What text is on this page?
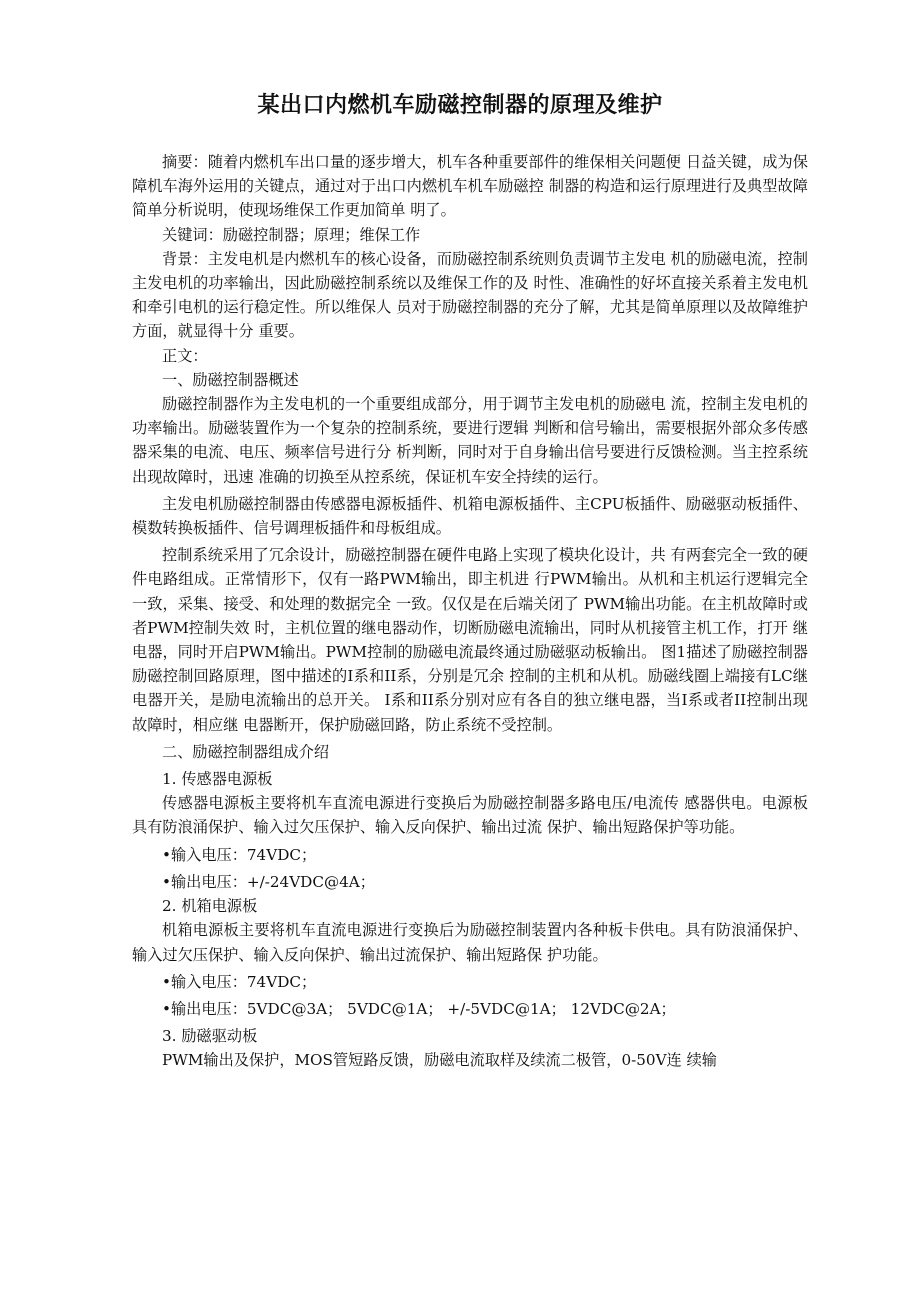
某出口内燃机车励磁控制器的原理及维护

摘要：随着内燃机车出口量的逐步增大，机车各种重要部件的维保相关问题便 日益关键，成为保障机车海外运用的关键点，通过对于出口内燃机车机车励磁控 制器的构造和运行原理进行及典型故障简单分析说明，使现场维保工作更加简单 明了。

关键词：励磁控制器；原理；维保工作

背景：主发电机是内燃机车的核心设备，而励磁控制系统则负责调节主发电 机的励磁电流，控制主发电机的功率输出，因此励磁控制系统以及维保工作的及 时性、准确性的好坏直接关系着主发电机和牵引电机的运行稳定性。所以维保人 员对于励磁控制器的充分了解，尤其是简单原理以及故障维护方面，就显得十分 重要。

正文：

一、励磁控制器概述

励磁控制器作为主发电机的一个重要组成部分，用于调节主发电机的励磁电 流，控制主发电机的功率输出。励磁装置作为一个复杂的控制系统，要进行逻辑 判断和信号输出，需要根据外部众多传感器采集的电流、电压、频率信号进行分 析判断，同时对于自身输出信号要进行反馈检测。当主控系统出现故障时，迅速 准确的切换至从控系统，保证机车安全持续的运行。

主发电机励磁控制器由传感器电源板插件、机箱电源板插件、主CPU板插件、励磁驱动板插件、模数转换板插件、信号调理板插件和母板组成。

控制系统采用了冗余设计，励磁控制器在硬件电路上实现了模块化设计，共 有两套完全一致的硬件电路组成。正常情形下，仅有一路PWM输出，即主机进 行PWM输出。从机和主机运行逻辑完全一致，采集、接受、和处理的数据完全 一致。仅仅是在后端关闭了 PWM输出功能。在主机故障时或者PWM控制失效 时，主机位置的继电器动作，切断励磁电流输出，同时从机接管主机工作，打开 继电器，同时开启PWM输出。PWM控制的励磁电流最终通过励磁驱动板输出。 图1描述了励磁控制器励磁控制回路原理，图中描述的I系和II系，分别是冗余 控制的主机和从机。励磁线圈上端接有LC继电器开关，是励电流输出的总开关。 I系和II系分别对应有各自的独立继电器，当I系或者II控制出现故障时，相应继 电器断开，保护励磁回路，防止系统不受控制。

二、励磁控制器组成介绍

1. 传感器电源板

传感器电源板主要将机车直流电源进行变换后为励磁控制器多路电压/电流传 感器供电。电源板具有防浪涌保护、输入过欠压保护、输入反向保护、输出过流 保护、输出短路保护等功能。

•输入电压：74VDC；

•输出电压：+/-24VDC@4A；

2. 机箱电源板

机箱电源板主要将机车直流电源进行变换后为励磁控制装置内各种板卡供电。具有防浪涌保护、输入过欠压保护、输入反向保护、输出过流保护、输出短路保 护功能。

•输入电压：74VDC；

•输出电压：5VDC@3A； 5VDC@1A； +/-5VDC@1A； 12VDC@2A；

3. 励磁驱动板

PWM输出及保护，MOS管短路反馈，励磁电流取样及续流二极管，0-50V连 续输
